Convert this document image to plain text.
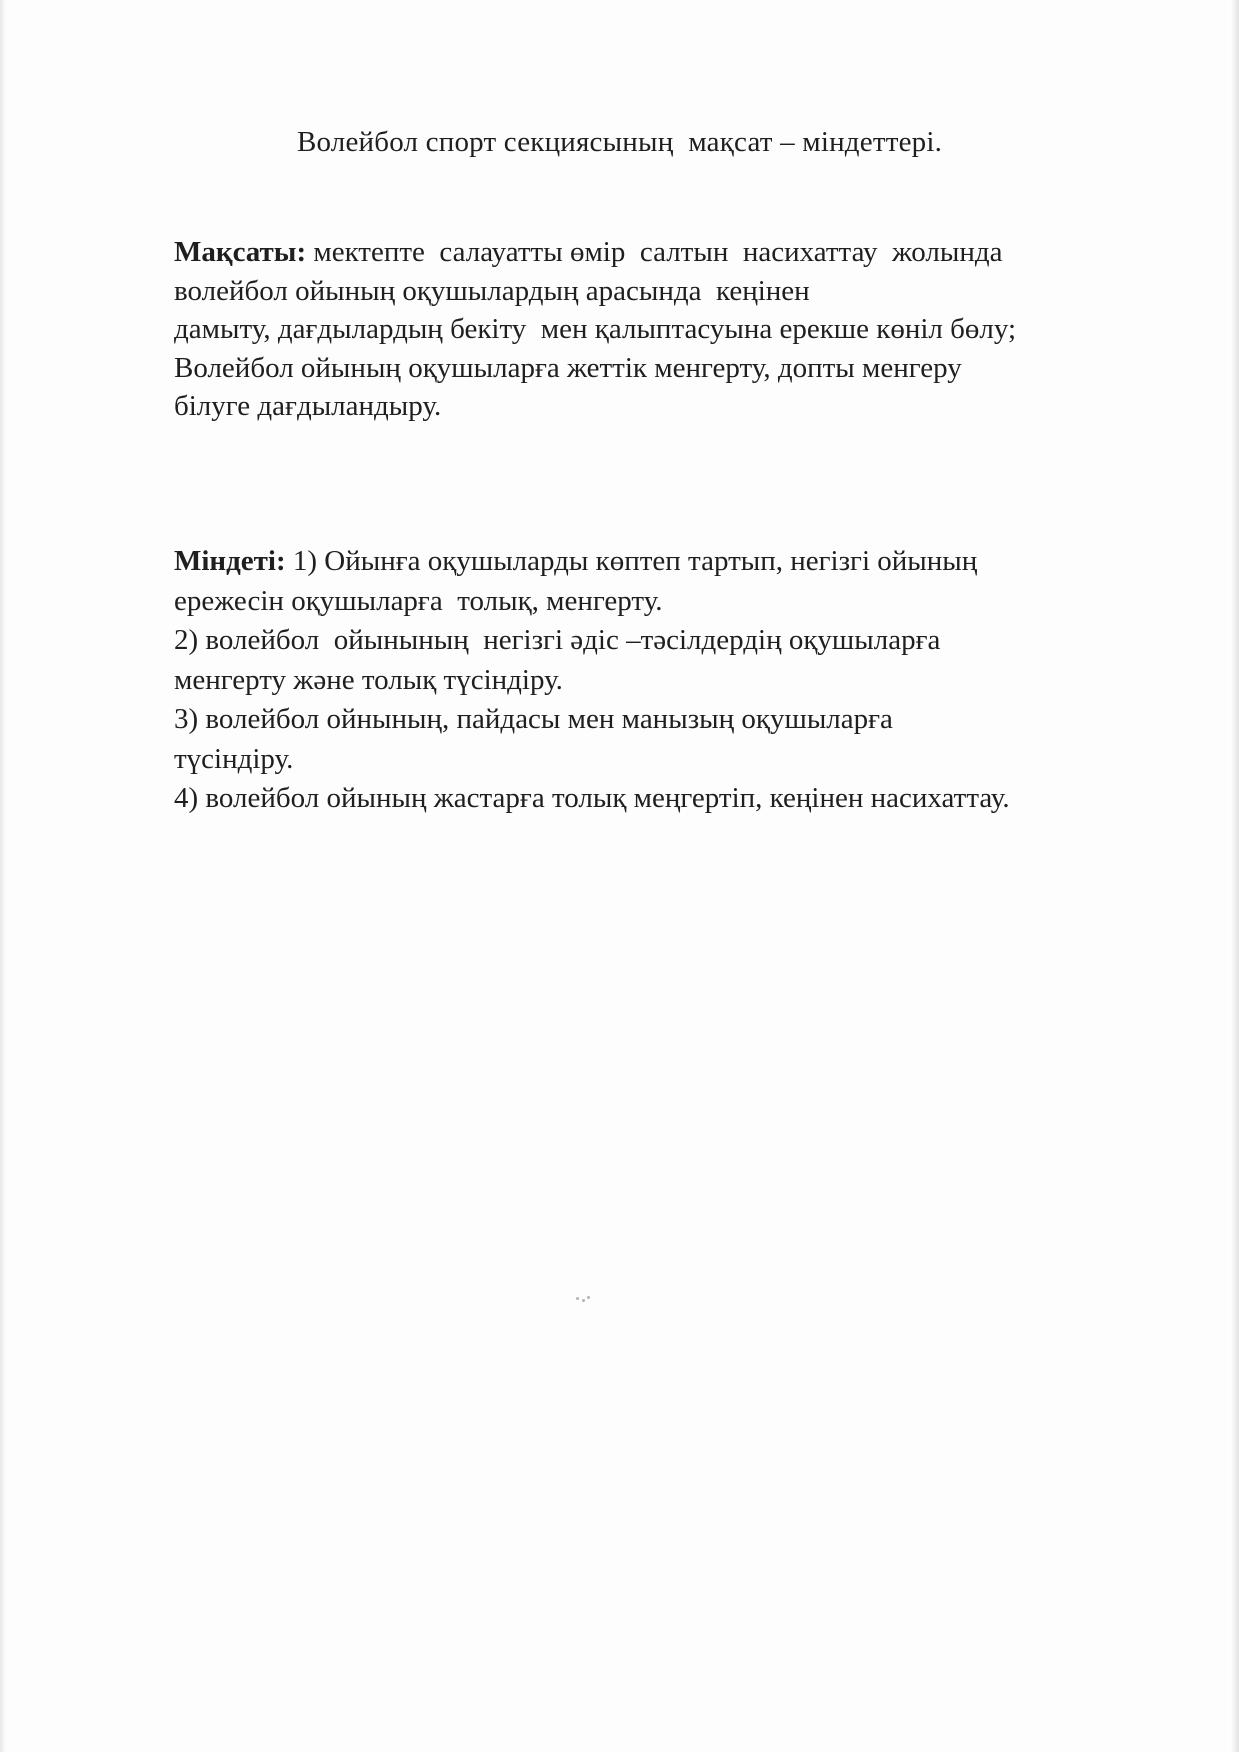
Волейбол спорт секциясының  мақсат – міндеттері.
Мақсаты: мектепте  салауатты өмір  салтын  насихаттау  жолында
волейбол ойының оқушылардың арасында  кеңінен
дамыту, дағдылардың бекіту  мен қалыптасуына ерекше көніл бөлу;
Волейбол ойының оқушыларға жеттік менгерту, допты менгеру
білуге дағдыландыру.
Міндеті: 1) Ойынға оқушыларды көптеп тартып, негізгі ойының
ережесін оқушыларға  толық, менгерту.
2) волейбол  ойынының  негізгі әдіс –тәсілдердің оқушыларға
менгерту және толық түсіндіру.
3) волейбол ойнының, пайдасы мен манызың оқушыларға
түсіндіру.
4) волейбол ойының жастарға толық меңгертіп, кеңінен насихаттау.
